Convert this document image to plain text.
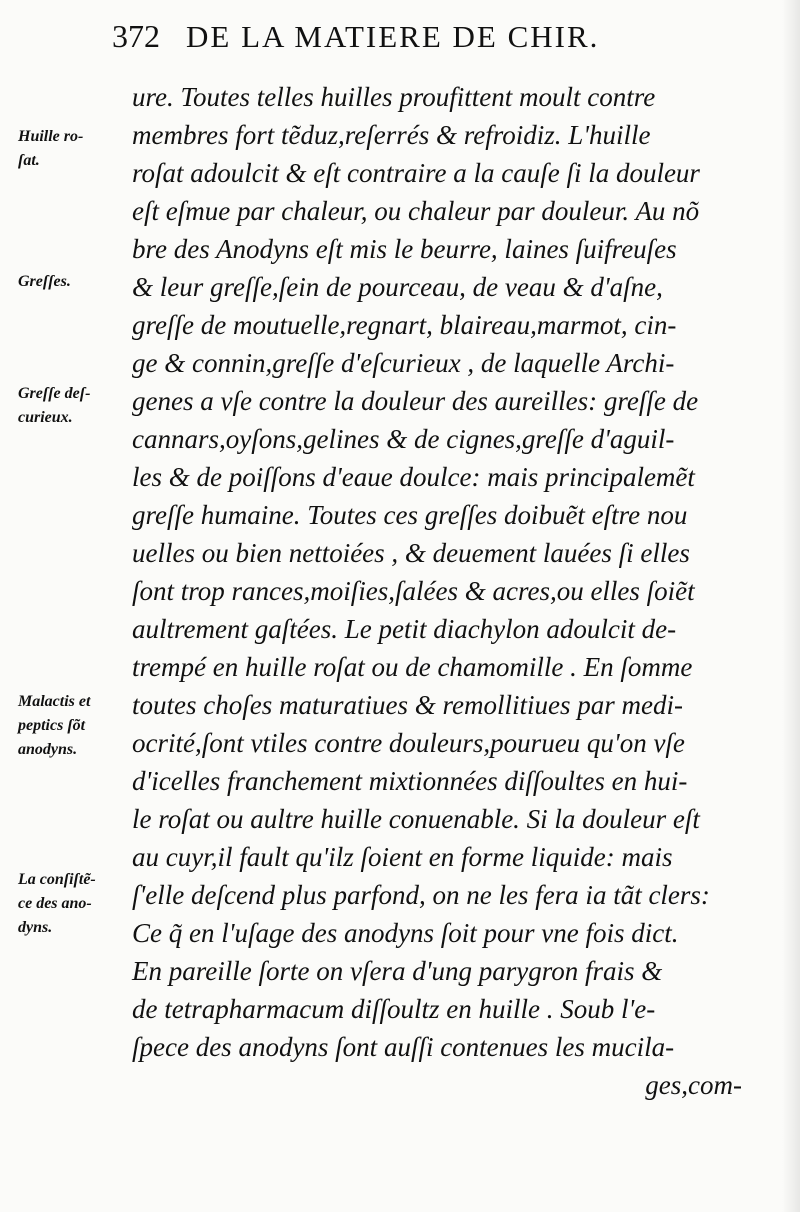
372 DE LA MATIERE DE CHIR.
ure. Toutes telles huilles proufittent moult contre
membres fort tẽduz,reſerrés & refroidiz. L'huille
roſat adoulcit & eſt contraire a la cauſe ſi la douleur
eſt eſmue par chaleur, ou chaleur par douleur. Au nõ
bre des Anodyns eſt mis le beurre, laines ſuifreuſes
& leur greſſe,ſein de pourceau, de veau & d'aſne,
greſſe de moutuelle,regnart, blaireau,marmot, cin-
ge & connin,greſſe d'eſcurieux , de laquelle Archi-
genes a vſe contre la douleur des aureilles: greſſe de
cannars,oyſons,gelines & de cignes,greſſe d'aguil-
les & de poiſſons d'eaue doulce: mais principalemẽt
greſſe humaine. Toutes ces greſſes doibuẽt eſtre nou
uelles ou bien nettoiées , & deuement lauées ſi elles
ſont trop rances,moiſies,ſalées & acres,ou elles ſoiẽt
aultrement gaſtées. Le petit diachylon adoulcit de-
trempé en huille roſat ou de chamomille . En ſomme
toutes choſes maturatiues & remollitiues par medi-
ocrité,ſont vtiles contre douleurs,pourueu qu'on vſe
d'icelles franchement mixtionnées diſſoultes en hui-
le roſat ou aultre huille conuenable. Si la douleur eſt
au cuyr,il fault qu'ilz ſoient en forme liquide: mais
ſ'elle deſcend plus parfond, on ne les fera ia tãt clers:
Ce q̃ en l'uſage des anodyns ſoit pour vne fois dict.
En pareille ſorte on vſera d'ung parygron frais &
de tetrapharmacum diſſoultz en huille . Soub l'e-
ſpece des anodyns ſont auſſi contenues les mucila-
ges,com-
Huille ro-
ſat.
Greſſes.
Greſſe deſ-
curieux.
Malactis et
peptics ſõt
anodyns.
La conſiſtẽ-
ce des ano-
dyns.
